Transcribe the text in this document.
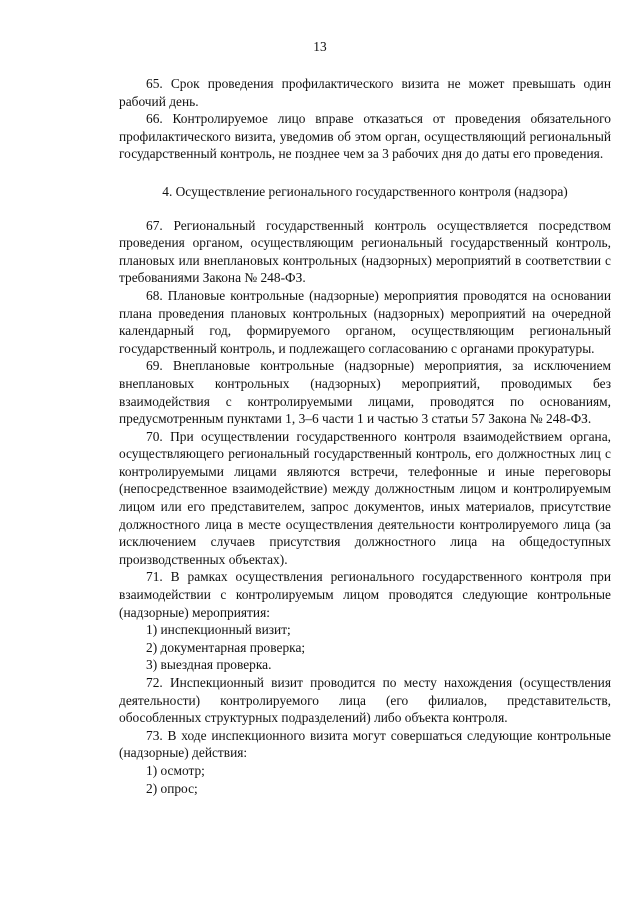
13

65. Срок проведения профилактического визита не может превышать один рабочий день.

66. Контролируемое лицо вправе отказаться от проведения обязательного профилактического визита, уведомив об этом орган, осуществляющий региональный государственный контроль, не позднее чем за 3 рабочих дня до даты его проведения.

4. Осуществление регионального государственного контроля (надзора)

67. Региональный государственный контроль осуществляется посредством проведения органом, осуществляющим региональный государственный контроль, плановых или внеплановых контрольных (надзорных) мероприятий в соответствии с требованиями Закона № 248-ФЗ.

68. Плановые контрольные (надзорные) мероприятия проводятся на основании плана проведения плановых контрольных (надзорных) мероприятий на очередной календарный год, формируемого органом, осуществляющим региональный государственный контроль, и подлежащего согласованию с органами прокуратуры.

69. Внеплановые контрольные (надзорные) мероприятия, за исключением внеплановых контрольных (надзорных) мероприятий, проводимых без взаимодействия с контролируемыми лицами, проводятся по основаниям, предусмотренным пунктами 1, 3–6 части 1 и частью 3 статьи 57 Закона № 248-ФЗ.

70. При осуществлении государственного контроля взаимодействием органа, осуществляющего региональный государственный контроль, его должностных лиц с контролируемыми лицами являются встречи, телефонные и иные переговоры (непосредственное взаимодействие) между должностным лицом и контролируемым лицом или его представителем, запрос документов, иных материалов, присутствие должностного лица в месте осуществления деятельности контролируемого лица (за исключением случаев присутствия должностного лица на общедоступных производственных объектах).

71. В рамках осуществления регионального государственного контроля при взаимодействии с контролируемым лицом проводятся следующие контрольные (надзорные) мероприятия:

1) инспекционный визит;

2) документарная проверка;

3) выездная проверка.

72. Инспекционный визит проводится по месту нахождения (осуществления деятельности) контролируемого лица (его филиалов, представительств, обособленных структурных подразделений) либо объекта контроля.

73. В ходе инспекционного визита могут совершаться следующие контрольные (надзорные) действия:

1) осмотр;

2) опрос;
